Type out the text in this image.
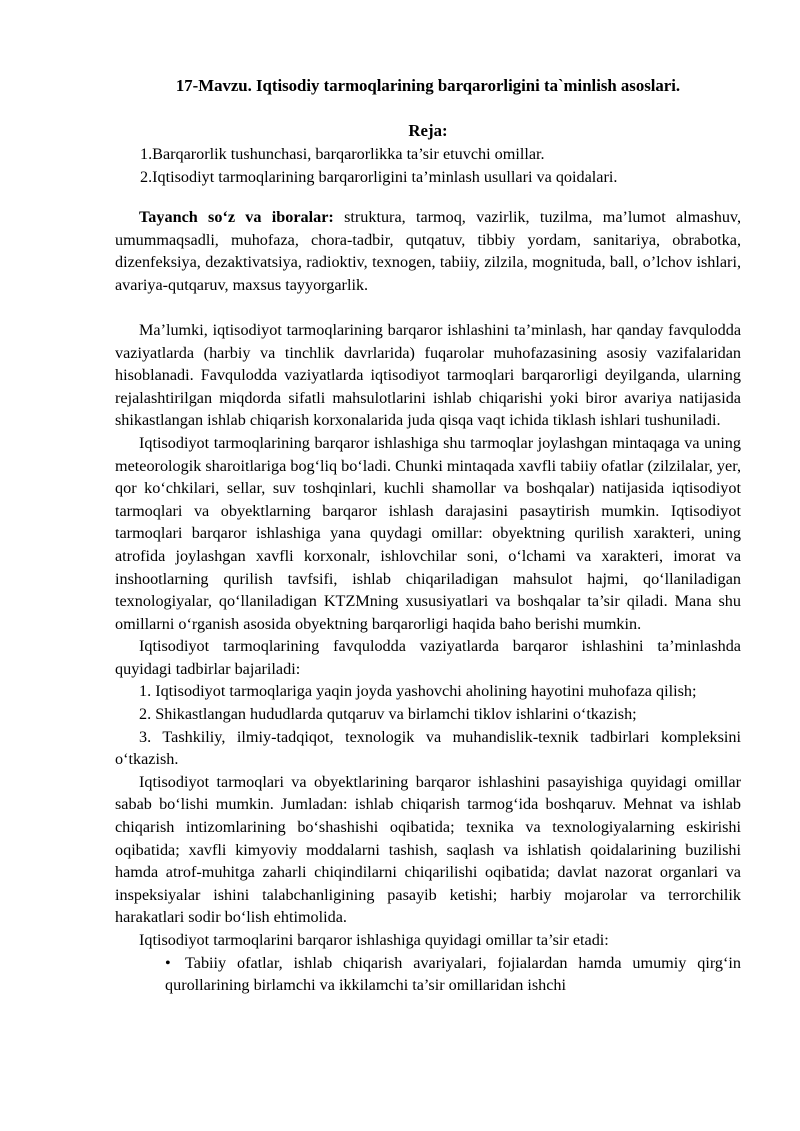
17-Mavzu. Iqtisodiy tarmoqlarining barqarorligini ta`minlish asoslari.
Reja:
1.Barqarorlik tushunchasi, barqarorlikka ta’sir etuvchi omillar.
2.Iqtisodiyt tarmoqlarining barqarorligini ta’minlash usullari va qoidalari.

Tayanch so‘z va iboralar: struktura, tarmoq, vazirlik, tuzilma, ma’lumot almashuv, umummaqsadli, muhofaza, chora-tadbir, qutqatuv, tibbiy yordam, sanitariya, obrabotka, dizenfeksiya, dezaktivatsiya, radioktiv, texnogen, tabiiy, zilzila, mognituda, ball, o’lchov ishlari, avariya-qutqaruv, maxsus tayyorgarlik.

Ma’lumki, iqtisodiyot tarmoqlarining barqaror ishlashini ta’minlash, har qanday favqulodda vaziyatlarda (harbiy va tinchlik davrlarida) fuqarolar muhofazasining asosiy vazifalaridan hisoblanadi. Favqulodda vaziyatlarda iqtisodiyot tarmoqlari barqarorligi deyilganda, ularning rejalashtirilgan miqdorda sifatli mahsulotlarini ishlab chiqarishi yoki biror avariya natijasida shikastlangan ishlab chiqarish korxonalarida juda qisqa vaqt ichida tiklash ishlari tushuniladi.

Iqtisodiyot tarmoqlarining barqaror ishlashiga shu tarmoqlar joylashgan mintaqaga va uning meteorologik sharoitlariga bog‘liq bo‘ladi. Chunki mintaqada xavfli tabiiy ofatlar (zilzilalar, yer, qor ko‘chkilari, sellar, suv toshqinlari, kuchli shamollar va boshqalar) natijasida iqtisodiyot tarmoqlari va obyektlarning barqaror ishlash darajasini pasaytirish mumkin. Iqtisodiyot tarmoqlari barqaror ishlashiga yana quydagi omillar: obyektning qurilish xarakteri, uning atrofida joylashgan xavfli korxonalr, ishlovchilar soni, o‘lchami va xarakteri, imorat va inshootlarning qurilish tavfsifi, ishlab chiqariladigan mahsulot hajmi, qo‘llaniladigan texnologiyalar, qo‘llaniladigan KTZMning xususiyatlari va boshqalar ta’sir qiladi. Mana shu omillarni o‘rganish asosida obyektning barqarorligi haqida baho berishi mumkin.

Iqtisodiyot tarmoqlarining favqulodda vaziyatlarda barqaror ishlashini ta’minlashda quyidagi tadbirlar bajariladi:

1. Iqtisodiyot tarmoqlariga yaqin joyda yashovchi aholining hayotini muhofaza qilish;

2. Shikastlangan hududlarda qutqaruv va birlamchi tiklov ishlarini o‘tkazish;

3. Tashkiliy, ilmiy-tadqiqot, texnologik va muhandislik-texnik tadbirlari kompleksini o‘tkazish.

Iqtisodiyot tarmoqlari va obyektlarining barqaror ishlashini pasayishiga quyidagi omillar sabab bo‘lishi mumkin. Jumladan: ishlab chiqarish tarmog‘ida boshqaruv. Mehnat va ishlab chiqarish intizomlarining bo‘shashishi oqibatida; texnika va texnologiyalarning eskirishi oqibatida; xavfli kimyoviy moddalarni tashish, saqlash va ishlatish qoidalarining buzilishi hamda atrof-muhitga zaharli chiqindilarni chiqarilishi oqibatida; davlat nazorat organlari va inspeksiyalar ishini talabchanligining pasayib ketishi; harbiy mojarolar va terrorchilik harakatlari sodir bo‘lish ehtimolida.

Iqtisodiyot tarmoqlarini barqaror ishlashiga quyidagi omillar ta’sir etadi:

• Tabiiy ofatlar, ishlab chiqarish avariyalari, fojialardan hamda umumiy qirg‘in qurollarining birlamchi va ikkilamchi ta’sir omillaridan ishchi
